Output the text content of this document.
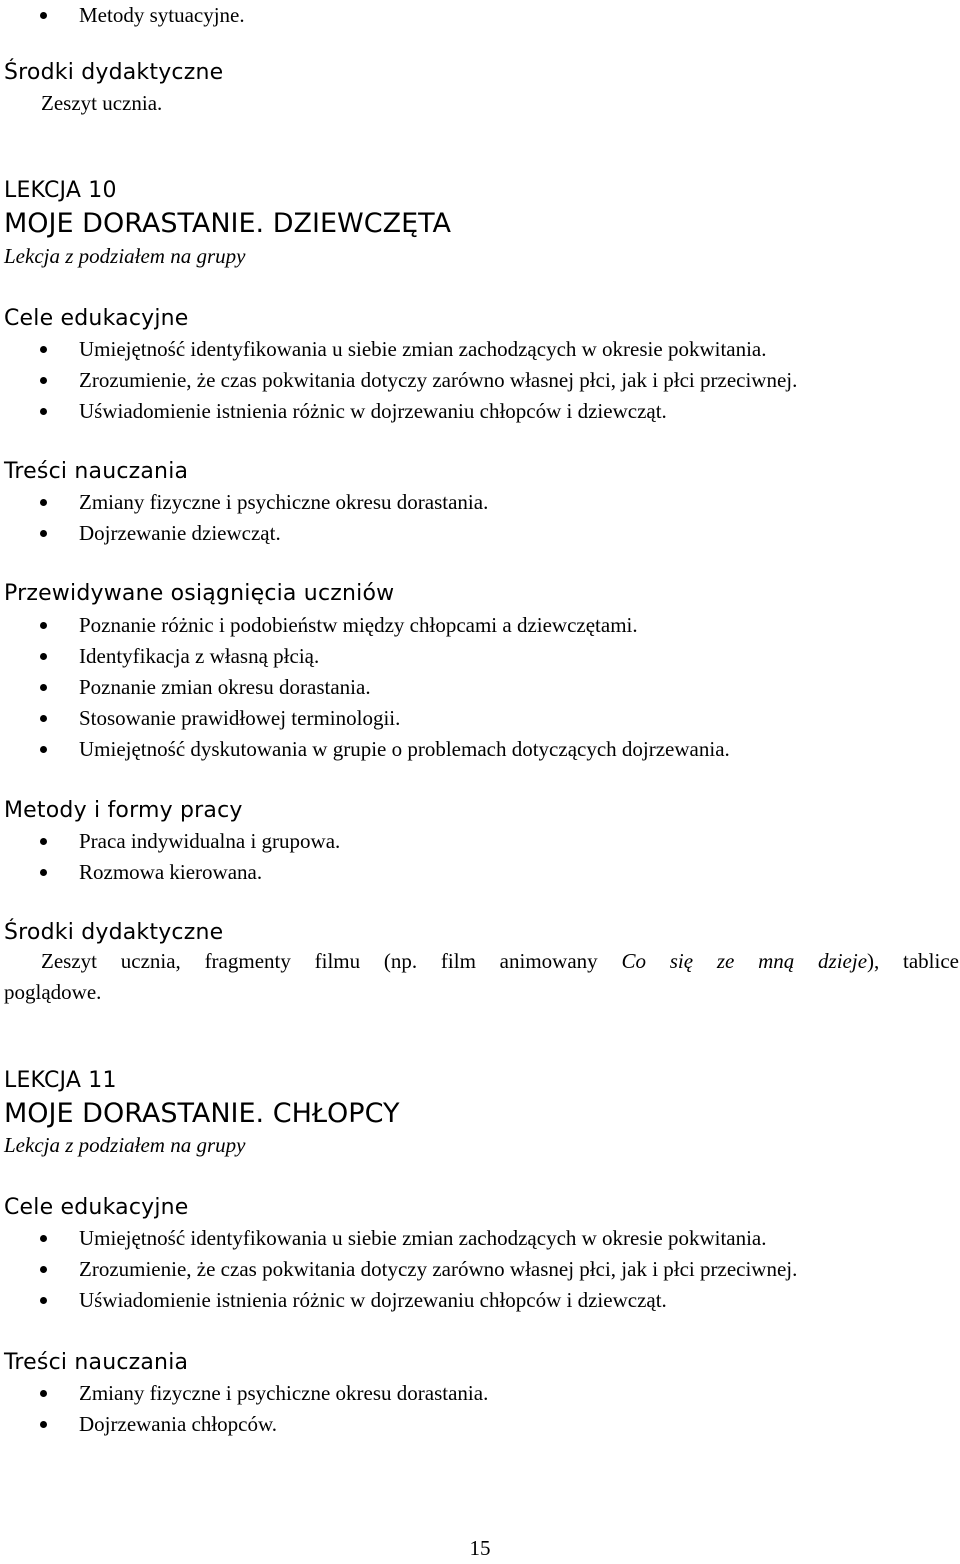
Metody sytuacyjne.
Środki dydaktyczne
Zeszyt ucznia.
LEKCJA 10
MOJE DORASTANIE. DZIEWCZĘTA
Lekcja z podziałem na grupy
Cele edukacyjne
Umiejętność identyfikowania u siebie zmian zachodzących w okresie pokwitania.
Zrozumienie, że czas pokwitania dotyczy zarówno własnej płci, jak i płci przeciwnej.
Uświadomienie istnienia różnic w dojrzewaniu chłopców i dziewcząt.
Treści nauczania
Zmiany fizyczne i psychiczne okresu dorastania.
Dojrzewanie dziewcząt.
Przewidywane osiągnięcia uczniów
Poznanie różnic i podobieństw między chłopcami a dziewczętami.
Identyfikacja z własną płcią.
Poznanie zmian okresu dorastania.
Stosowanie prawidłowej terminologii.
Umiejętność dyskutowania w grupie o problemach dotyczących dojrzewania.
Metody i formy pracy
Praca indywidualna i grupowa.
Rozmowa kierowana.
Środki dydaktyczne
Zeszyt ucznia, fragmenty filmu (np. film animowany Co się ze mną dzieje), tablice
poglądowe.
LEKCJA 11
MOJE DORASTANIE. CHŁOPCY
Lekcja z podziałem na grupy
Cele edukacyjne
Umiejętność identyfikowania u siebie zmian zachodzących w okresie pokwitania.
Zrozumienie, że czas pokwitania dotyczy zarówno własnej płci, jak i płci przeciwnej.
Uświadomienie istnienia różnic w dojrzewaniu chłopców i dziewcząt.
Treści nauczania
Zmiany fizyczne i psychiczne okresu dorastania.
Dojrzewania chłopców.
15
